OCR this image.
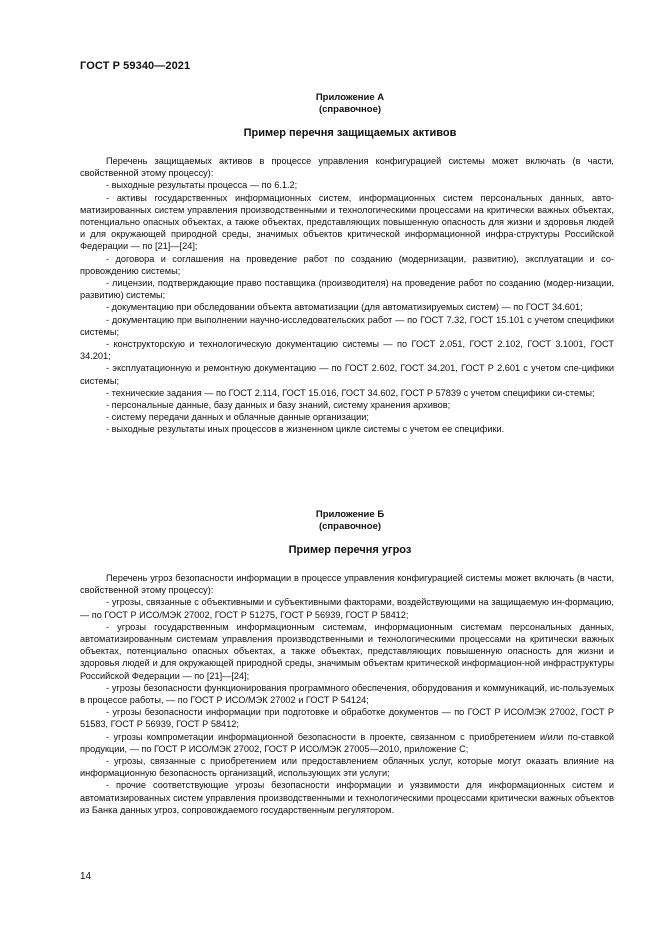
ГОСТ Р 59340—2021
Приложение А
(справочное)
Пример перечня защищаемых активов

Перечень защищаемых активов в процессе управления конфигурацией системы может включать (в части, свойственной этому процессу):

- выходные результаты процесса — по 6.1.2;

- активы государственных информационных систем, информационных систем персональных данных, авто-матизированных систем управления производственными и технологическими процессами на критически важных объектах, потенциально опасных объектах, а также объектах, представляющих повышенную опасность для жизни и здоровья людей и для окружающей природной среды, значимых объектов критической информационной инфра-структуры Российской Федерации — по [21]—[24];

- договора и соглашения на проведение работ по созданию (модернизации, развитию), эксплуатации и со-провождению системы;

- лицензии, подтверждающие право поставщика (производителя) на проведение работ по созданию (модер-низации, развитию) системы;

- документацию при обследовании объекта автоматизации (для автоматизируемых систем) — по ГОСТ 34.601;

- документацию при выполнении научно-исследовательских работ — по ГОСТ 7.32, ГОСТ 15.101 с учетом специфики системы;

- конструкторскую и технологическую документацию системы — по ГОСТ 2.051, ГОСТ 2.102, ГОСТ 3.1001, ГОСТ 34.201;

- эксплуатационную и ремонтную документацию — по ГОСТ 2.602, ГОСТ 34.201, ГОСТ Р 2.601 с учетом спе-цифики системы;

- технические задания — по ГОСТ 2.114, ГОСТ 15.016, ГОСТ 34.602, ГОСТ Р 57839 с учетом специфики си-стемы;

- персональные данные, базу данных и базу знаний, систему хранения архивов;

- систему передачи данных и облачные данные организации;

- выходные результаты иных процессов в жизненном цикле системы с учетом ее специфики.

Приложение Б
(справочное)
Пример перечня угроз

Перечень угроз безопасности информации в процессе управления конфигурацией системы может включать (в части, свойственной этому процессу):

- угрозы, связанные с объективными и субъективными факторами, воздействующими на защищаемую ин-формацию, — по ГОСТ Р ИСО/МЭК 27002, ГОСТ Р 51275, ГОСТ Р 56939, ГОСТ Р 58412;

- угрозы государственным информационным системам, информационным системам персональных данных, автоматизированным системам управления производственными и технологическими процессами на критически важных объектах, потенциально опасных объектах, а также объектах, представляющих повышенную опасность для жизни и здоровья людей и для окружающей природной среды, значимым объектам критической информацион-ной инфраструктуры Российской Федерации — по [21]—[24];

- угрозы безопасности функционирования программного обеспечения, оборудования и коммуникаций, ис-пользуемых в процессе работы, — по ГОСТ Р ИСО/МЭК 27002 и ГОСТ Р 54124;

- угрозы безопасности информации при подготовке и обработке документов — по ГОСТ Р ИСО/МЭК 27002, ГОСТ Р 51583, ГОСТ Р 56939, ГОСТ Р 58412;

- угрозы компрометации информационной безопасности в проекте, связанном с приобретением и/или по-ставкой продукции, — по ГОСТ Р ИСО/МЭК 27002, ГОСТ Р ИСО/МЭК 27005—2010, приложение С;

- угрозы, связанные с приобретением или предоставлением облачных услуг, которые могут оказать влияние на информационную безопасность организаций, использующих эти услуги;

- прочие соответствующие угрозы безопасности информации и уязвимости для информационных систем и автоматизированных систем управления производственными и технологическими процессами критически важных объектов из Банка данных угроз, сопровождаемого государственным регулятором.

14
